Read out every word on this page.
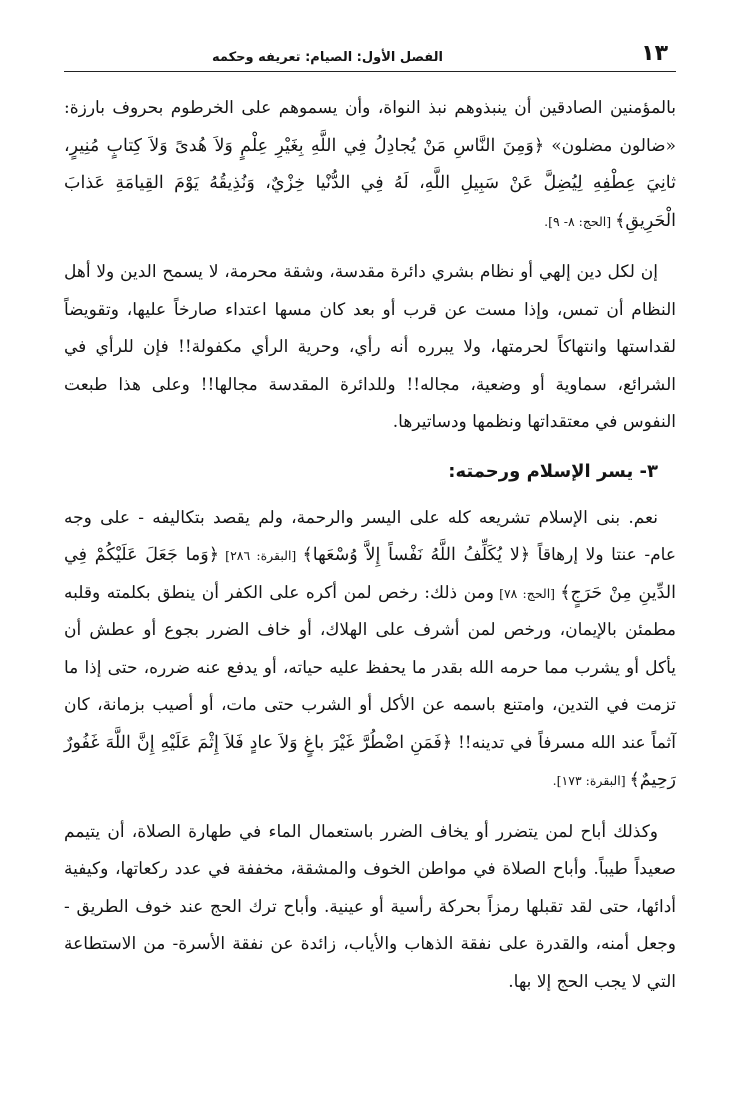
١٣
الفصل الأول: الصيام: تعريفه وحكمه

بالمؤمنين الصادقين أن ينبذوهم نبذ النواة، وأن يسموهم على الخرطوم بحروف بارزة: «ضالون مضلون» ﴿وَمِنَ النَّاسِ مَنْ يُجادِلُ فِي اللَّهِ بِغَيْرِ عِلْمٍ وَلاَ هُدىً وَلاَ كِتابٍ مُنِيرٍ، ثانِيَ عِطْفِهِ لِيُضِلَّ عَنْ سَبِيلِ اللَّهِ، لَهُ فِي الدُّنْيا خِزْيٌ، وَنُذِيقُهُ يَوْمَ القِيامَةِ عَذابَ الْحَرِيقِ﴾ [الحج: ٨- ٩].

إن لكل دين إلهي أو نظام بشري دائرة مقدسة، وشقة محرمة، لا يسمح الدين ولا أهل النظام أن تمس، وإذا مست عن قرب أو بعد كان مسها اعتداء صارخاً عليها، وتقويضاً لقداستها وانتهاكاً لحرمتها، ولا يبرره أنه رأي، وحرية الرأي مكفولة!! فإن للرأي في الشرائع، سماوية أو وضعية، مجاله!! وللدائرة المقدسة مجالها!! وعلى هذا طبعت النفوس في معتقداتها ونظمها ودساتيرها.

٣- يسر الإسلام ورحمته:

نعم. بنى الإسلام تشريعه كله على اليسر والرحمة، ولم يقصد بتكاليفه - على وجه عام- عنتا ولا إرهاقاً ﴿لا يُكَلِّفُ اللَّهُ نَفْساً إِلاَّ وُسْعَها﴾ [البقرة: ٢٨٦] ﴿وَما جَعَلَ عَلَيْكُمْ فِي الدِّينِ مِنْ حَرَجٍ﴾ [الحج: ٧٨] ومن ذلك: رخص لمن أكره على الكفر أن ينطق بكلمته وقلبه مطمئن بالإيمان، ورخص لمن أشرف على الهلاك، أو خاف الضرر بجوع أو عطش أن يأكل أو يشرب مما حرمه الله بقدر ما يحفظ عليه حياته، أو يدفع عنه ضرره، حتى إذا ما تزمت في التدين، وامتنع باسمه عن الأكل أو الشرب حتى مات، أو أصيب بزمانة، كان آثماً عند الله مسرفاً في تدينه!! ﴿فَمَنِ اضْطُرَّ غَيْرَ باغٍ وَلاَ عادٍ فَلاَ إِثْمَ عَلَيْهِ إِنَّ اللَّهَ غَفُورٌ رَحِيمٌ﴾ [البقرة: ١٧٣].

وكذلك أباح لمن يتضرر أو يخاف الضرر باستعمال الماء في طهارة الصلاة، أن يتيمم صعيداً طيباً. وأباح الصلاة في مواطن الخوف والمشقة، مخففة في عدد ركعاتها، وكيفية أدائها، حتى لقد تقبلها رمزاً بحركة رأسية أو عينية. وأباح ترك الحج عند خوف الطريق - وجعل أمنه، والقدرة على نفقة الذهاب والأياب، زائدة عن نفقة الأسرة- من الاستطاعة التي لا يجب الحج إلا بها.
